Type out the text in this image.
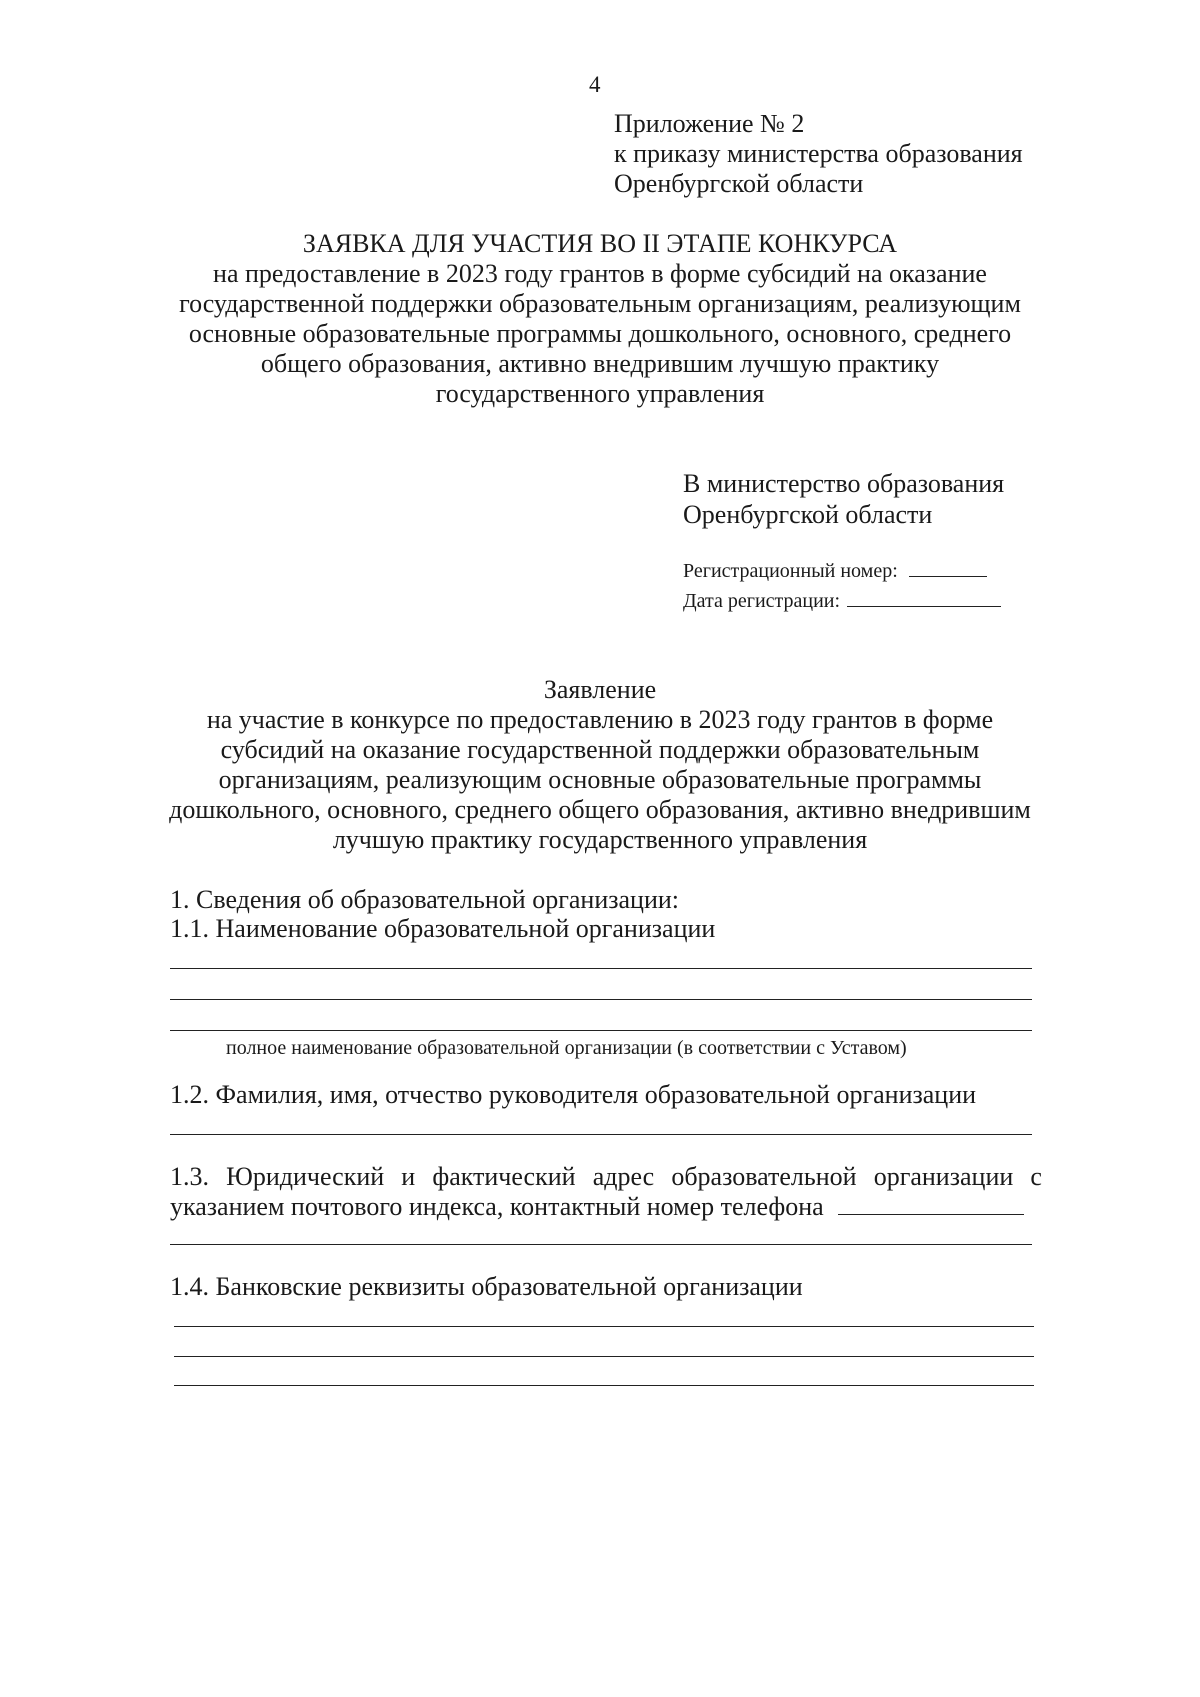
4
Приложение № 2
к приказу министерства образования
Оренбургской области
ЗАЯВКА ДЛЯ УЧАСТИЯ ВО II ЭТАПЕ КОНКУРСА
на предоставление в 2023 году грантов в форме субсидий на оказание
государственной поддержки образовательным организациям, реализующим
основные образовательные программы дошкольного, основного, среднего
общего образования, активно внедрившим лучшую практику
государственного управления
В министерство образования
Оренбургской области
Регистрационный номер:
Дата регистрации:
Заявление
на участие в конкурсе по предоставлению в 2023 году грантов в форме
субсидий на оказание государственной поддержки образовательным
организациям, реализующим основные образовательные программы
дошкольного, основного, среднего общего образования, активно внедрившим
лучшую практику государственного управления
1. Сведения об образовательной организации:
1.1. Наименование образовательной организации
полное наименование образовательной организации (в соответствии с Уставом)
1.2. Фамилия, имя, отчество руководителя образовательной организации
1.3. Юридический и фактический адрес образовательной организации с
указанием почтового индекса, контактный номер телефона
1.4. Банковские реквизиты образовательной организации
